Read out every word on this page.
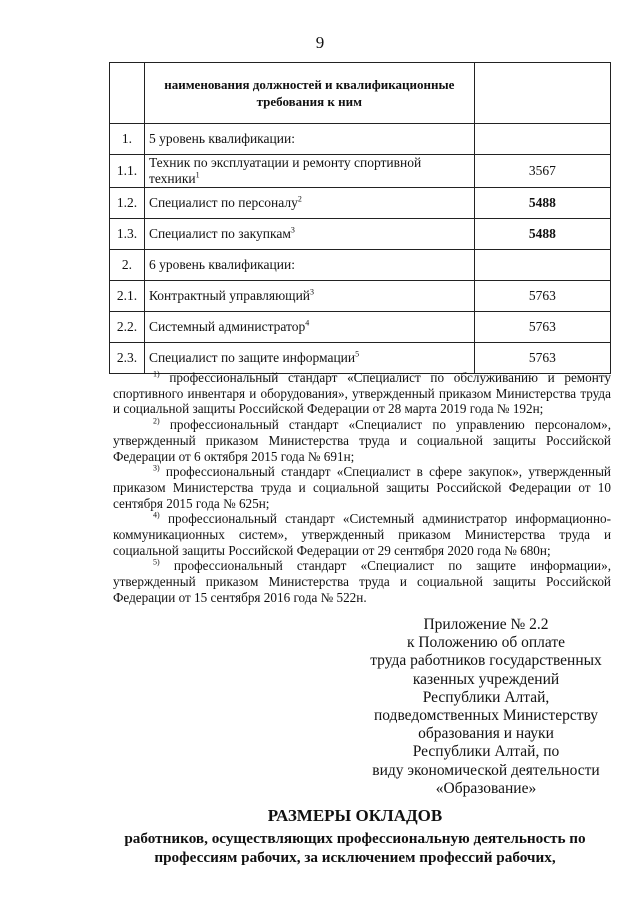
9
	наименования должностей и квалификационные требования к ним	
1.	5 уровень квалификации:	
1.1.	Техник по эксплуатации и ремонту спортивной техники$^1$	3567
1.2.	Специалист по персоналу$^2$	5488
1.3.	Специалист по закупкам$^3$	5488
2.	6 уровень квалификации:	
2.1.	Контрактный управляющий$^3$	5763
2.2.	Системный администратор$^4$	5763
2.3.	Специалист по защите информации$^5$	5763

$^{1)}$ профессиональный стандарт «Специалист по обслуживанию и ремонту спортивного инвентаря и оборудования», утвержденный приказом Министерства труда и социальной защиты Российской Федерации от 28 марта 2019 года № 192н;

$^{2)}$ профессиональный стандарт «Специалист по управлению персоналом», утвержденный приказом Министерства труда и социальной защиты Российской Федерации от 6 октября 2015 года № 691н;

$^{3)}$ профессиональный стандарт «Специалист в сфере закупок», утвержденный приказом Министерства труда и социальной защиты Российской Федерации от 10 сентября 2015 года № 625н;

$^{4)}$ профессиональный стандарт «Системный администратор информационно-коммуникационных систем», утвержденный приказом Министерства труда и социальной защиты Российской Федерации от 29 сентября 2020 года № 680н;

$^{5)}$ профессиональный стандарт «Специалист по защите информации», утвержденный приказом Министерства труда и социальной защиты Российской Федерации от 15 сентября 2016 года № 522н.

Приложение № 2.2
к Положению об оплате
труда работников государственных
казенных учреждений
Республики Алтай,
подведомственных Министерству
образования и науки
Республики Алтай, по
виду экономической деятельности
«Образование»
РАЗМЕРЫ ОКЛАДОВ
работников, осуществляющих профессиональную деятельность по
профессиям рабочих, за исключением профессий рабочих,
